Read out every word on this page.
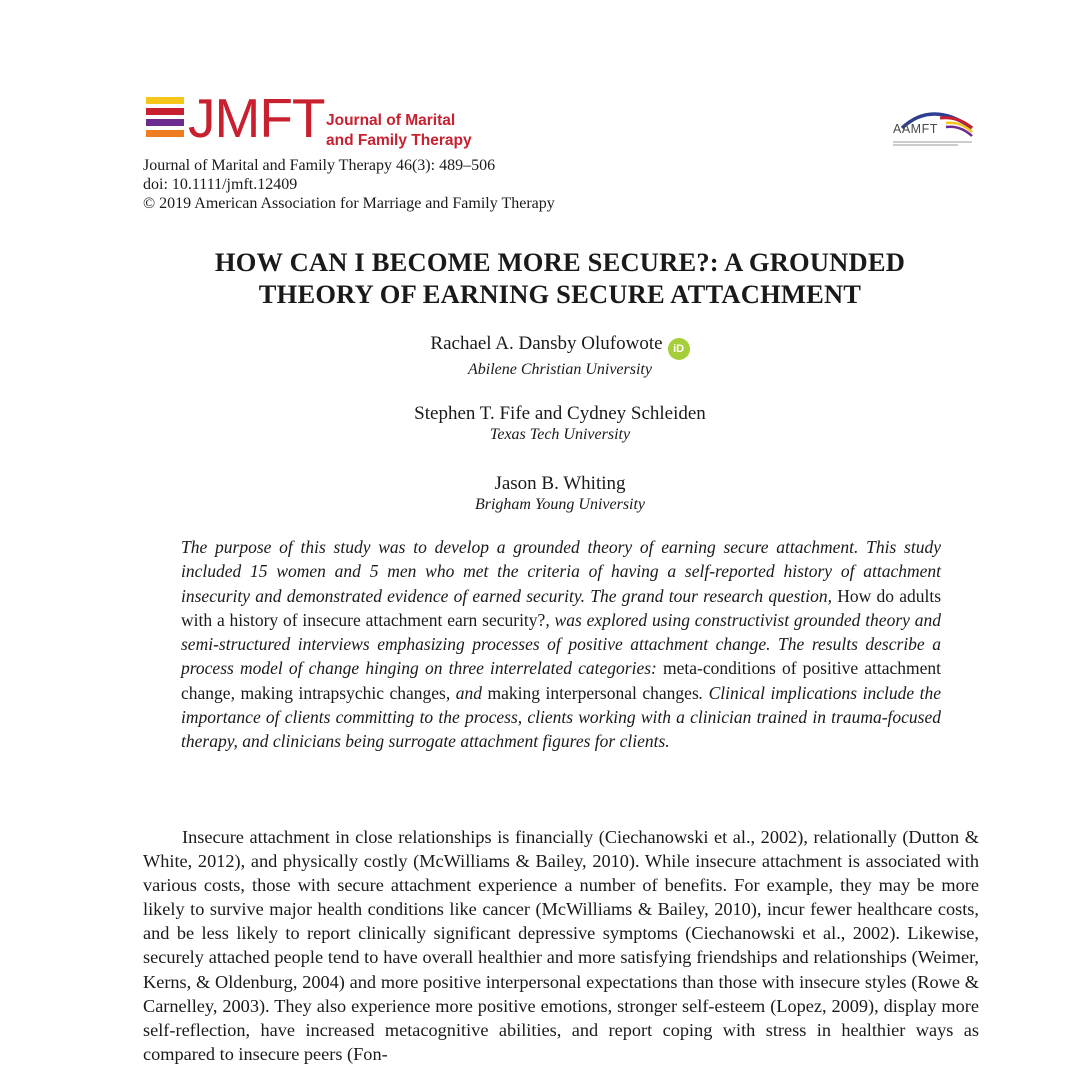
JMFT Journal of Marital
and Family Therapy
AAMFT
Journal of Marital and Family Therapy 46(3): 489–506
doi: 10.1111/jmft.12409
© 2019 American Association for Marriage and Family Therapy
HOW CAN I BECOME MORE SECURE?: A GROUNDED
THEORY OF EARNING SECURE ATTACHMENT
Rachael A. Dansby Olufowote iD
Abilene Christian University
Stephen T. Fife and Cydney Schleiden
Texas Tech University
Jason B. Whiting
Brigham Young University
The purpose of this study was to develop a grounded theory of earning secure attachment. This study included 15 women and 5 men who met the criteria of having a self-reported history of attachment insecurity and demonstrated evidence of earned security. The grand tour research question, How do adults with a history of insecure attachment earn security?, was explored using constructivist grounded theory and semi-structured interviews emphasizing processes of positive attachment change. The results describe a process model of change hinging on three interrelated categories: meta-conditions of positive attachment change, making intrapsychic changes, and making interpersonal changes. Clinical implications include the importance of clients committing to the process, clients working with a clinician trained in trauma-focused therapy, and clinicians being surrogate attachment figures for clients.
Insecure attachment in close relationships is financially (Ciechanowski et al., 2002), relationally (Dutton & White, 2012), and physically costly (McWilliams & Bailey, 2010). While insecure attachment is associated with various costs, those with secure attachment experience a number of benefits. For example, they may be more likely to survive major health conditions like cancer (McWilliams & Bailey, 2010), incur fewer healthcare costs, and be less likely to report clinically significant depressive symptoms (Ciechanowski et al., 2002). Likewise, securely attached people tend to have overall healthier and more satisfying friendships and relationships (Weimer, Kerns, & Oldenburg, 2004) and more positive interpersonal expectations than those with insecure styles (Rowe & Carnelley, 2003). They also experience more positive emotions, stronger self-esteem (Lopez, 2009), display more self-reflection, have increased metacognitive abilities, and report coping with stress in healthier ways as compared to insecure peers (Fon-
